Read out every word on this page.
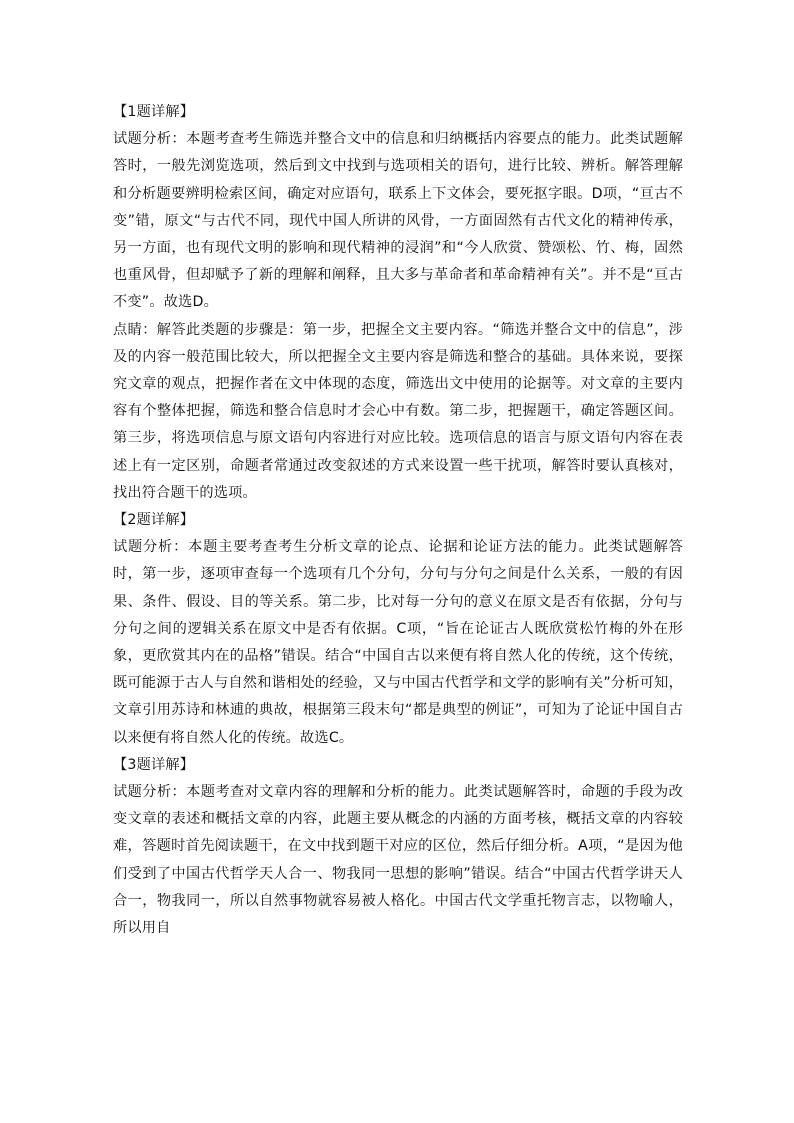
【1题详解】

试题分析：本题考查考生筛选并整合文中的信息和归纳概括内容要点的能力。此类试题解答时，一般先浏览选项，然后到文中找到与选项相关的语句，进行比较、辨析。解答理解和分析题要辨明检索区间，确定对应语句，联系上下文体会，要死抠字眼。D项，“亘古不变”错，原文“与古代不同，现代中国人所讲的风骨，一方面固然有古代文化的精神传承，另一方面，也有现代文明的影响和现代精神的浸润”和“今人欣赏、赞颂松、竹、梅，固然也重风骨，但却赋予了新的理解和阐释，且大多与革命者和革命精神有关”。并不是“亘古不变”。故选D。

点睛：解答此类题的步骤是：第一步，把握全文主要内容。“筛选并整合文中的信息”，涉及的内容一般范围比较大，所以把握全文主要内容是筛选和整合的基础。具体来说，要探究文章的观点，把握作者在文中体现的态度，筛选出文中使用的论据等。对文章的主要内容有个整体把握，筛选和整合信息时才会心中有数。第二步，把握题干，确定答题区间。第三步，将选项信息与原文语句内容进行对应比较。选项信息的语言与原文语句内容在表述上有一定区别，命题者常通过改变叙述的方式来设置一些干扰项，解答时要认真核对，找出符合题干的选项。

【2题详解】

试题分析：本题主要考查考生分析文章的论点、论据和论证方法的能力。此类试题解答时，第一步，逐项审查每一个选项有几个分句，分句与分句之间是什么关系，一般的有因果、条件、假设、目的等关系。第二步，比对每一分句的意义在原文是否有依据，分句与分句之间的逻辑关系在原文中是否有依据。C项，“旨在论证古人既欣赏松竹梅的外在形象，更欣赏其内在的品格”错误。结合“中国自古以来便有将自然人化的传统，这个传统，既可能源于古人与自然和谐相处的经验，又与中国古代哲学和文学的影响有关”分析可知，文章引用苏诗和林逋的典故，根据第三段末句“都是典型的例证”，可知为了论证中国自古以来便有将自然人化的传统。故选C。

【3题详解】

试题分析：本题考查对文章内容的理解和分析的能力。此类试题解答时，命题的手段为改变文章的表述和概括文章的内容，此题主要从概念的内涵的方面考核，概括文章的内容较难，答题时首先阅读题干，在文中找到题干对应的区位，然后仔细分析。A项，“是因为他们受到了中国古代哲学天人合一、物我同一思想的影响”错误。结合“中国古代哲学讲天人合一，物我同一，所以自然事物就容易被人格化。中国古代文学重托物言志，以物喻人，所以用自
